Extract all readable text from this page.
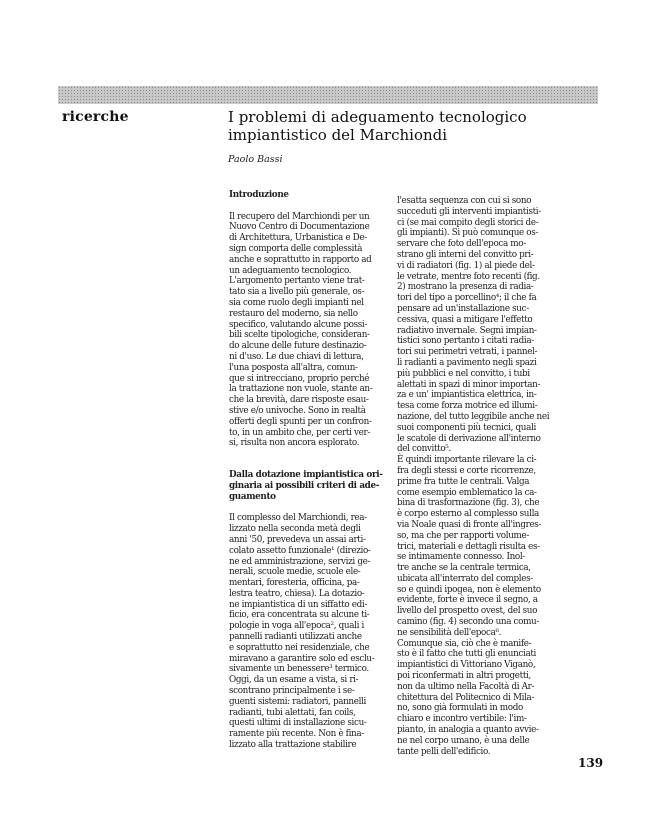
ricerche	I problemi di adeguamento tecnologico
impiantistico del Marchiondi
Paolo Bassi
Introduzione
Il recupero del Marchiondi per un
Nuovo Centro di Documentazione
di Architettura, Urbanistica e De-
sign comporta delle complessità
anche e soprattutto in rapporto ad
un adeguamento tecnologico.
L'argomento pertanto viene trat-
tato sia a livello più generale, os-
sia come ruolo degli impianti nel
restauro del moderno, sia nello
specifico, valutando alcune possi-
bili scelte tipologiche, consideran-
do alcune delle future destinazio-
ni d'uso. Le due chiavi di lettura,
l'una posposta all'altra, comun-
que si intrecciano, proprio perché
la trattazione non vuole, stante an-
che la brevità, dare risposte esau-
stive e/o univoche. Sono in realtà
offerti degli spunti per un confron-
to, in un ambito che, per certi ver-
si, risulta non ancora esplorato.
Dalla dotazione impiantistica ori-
ginaria ai possibili criteri di ade-
guamento
Il complesso del Marchiondi, rea-
lizzato nella seconda metà degli
anni '50, prevedeva un assai arti-
colato assetto funzionale¹ (direzio-
ne ed amministrazione, servizi ge-
nerali, scuole medie, scuole ele-
mentari, foresteria, officina, pa-
lestra teatro, chiesa). La dotazio-
ne impiantistica di un siffatto edi-
ficio, era concentrata su alcune ti-
pologie in voga all'epoca², quali i
pannelli radianti utilizzati anche
e soprattutto nei residenziale, che
miravano a garantire solo ed esclu-
sivamente un benessere³ termico.
Oggi, da un esame a vista, si ri-
scontrano principalmente i se-
guenti sistemi: radiatori, pannelli
radianti, tubi alettati, fan coils,
questi ultimi di installazione sicu-
ramente più recente. Non è fina-
lizzato alla trattazione stabilire
l'esatta sequenza con cui si sono
succeduti gli interventi impiantisti-
ci (se mai compito degli storici de-
gli impianti). Si può comunque os-
servare che foto dell'epoca mo-
strano gli interni del convitto pri-
vi di radiatori (fig. 1) al piede del-
le vetrate, mentre foto recenti (fig.
2) mostrano la presenza di radia-
tori del tipo a porcellino⁴; il che fa
pensare ad un'installazione suc-
cessiva, quasi a mitigare l'effetto
radiativo invernale. Segni impian-
tistici sono pertanto i citati radia-
tori sui perimetri vetrati, i pannel-
li radianti a pavimento negli spazi
più pubblici e nel convitto, i tubi
alettati in spazi di minor importan-
za e un' impiantistica elettrica, in-
tesa come forza motrice ed illumi-
nazione, del tutto leggibile anche nei
suoi componenti più tecnici, quali
le scatole di derivazione all'interno
del convitto⁵.
È quindi importante rilevare la ci-
fra degli stessi e corte ricorrenze,
prime fra tutte le centrali. Valga
come esempio emblematico la ca-
bina di trasformazione (fig. 3), che
è corpo esterno al complesso sulla
via Noale quasi di fronte all'ingres-
so, ma che per rapporti volume-
trici, materiali e dettagli risulta es-
se intimamente connesso. Inol-
tre anche se la centrale termica,
ubicata all'interrato del comples-
so e quindi ipogea, non è elemento
evidente, forte è invece il segno, a
livello del prospetto ovest, del suo
camino (fig. 4) secondo una comu-
ne sensibilità dell'epoca⁶.
Comunque sia, ciò che è manife-
sto è il fatto che tutti gli enunciati
impiantistici di Vittoriano Viganò,
poi riconfermati in altri progetti,
non da ultimo nella Facoltà di Ar-
chitettura del Politecnico di Mila-
no, sono già formulati in modo
chiaro e incontro vertibile: l'im-
pianto, in analogia a quanto avvie-
ne nel corpo umano, è una delle
tante pelli dell'edificio.
139
